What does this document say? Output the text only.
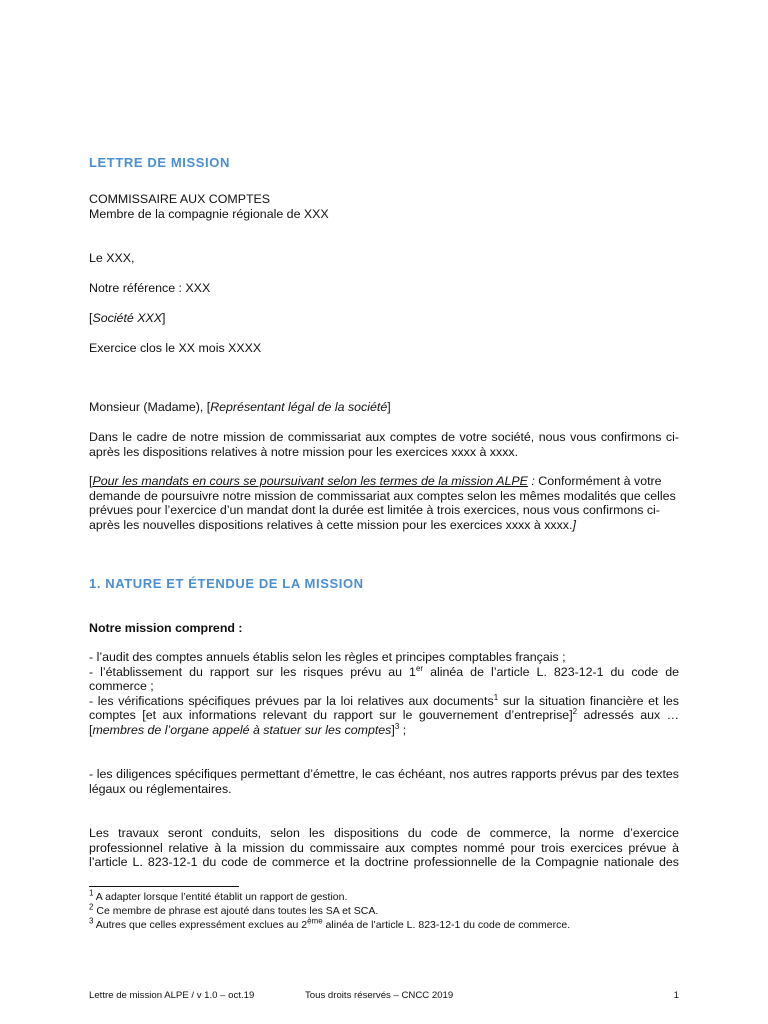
LETTRE DE MISSION
COMMISSAIRE AUX COMPTES
Membre de la compagnie régionale de XXX
Le XXX,
Notre référence : XXX
[Société XXX]
Exercice clos le XX mois XXXX
Monsieur (Madame), [Représentant légal de la société]
Dans le cadre de notre mission de commissariat aux comptes de votre société, nous vous confirmons ci-après les dispositions relatives à notre mission pour les exercices xxxx à xxxx.
[Pour les mandats en cours se poursuivant selon les termes de la mission ALPE : Conformément à votre demande de poursuivre notre mission de commissariat aux comptes selon les mêmes modalités que celles prévues pour l’exercice d’un mandat dont la durée est limitée à trois exercices, nous vous confirmons ci-après les nouvelles dispositions relatives à cette mission pour les exercices xxxx à xxxx.]
1. NATURE ET ÉTENDUE DE LA MISSION
Notre mission comprend :
- l’audit des comptes annuels établis selon les règles et principes comptables français ;
- l’établissement du rapport sur les risques prévu au 1er alinéa de l’article L. 823-12-1 du code de commerce ;
- les vérifications spécifiques prévues par la loi relatives aux documents$^1$ sur la situation financière et les comptes [et aux informations relevant du rapport sur le gouvernement d’entreprise]$^2$ adressés aux … [membres de l’organe appelé à statuer sur les comptes]$^3$ ;
- les diligences spécifiques permettant d’émettre, le cas échéant, nos autres rapports prévus par des textes légaux ou réglementaires.
Les travaux seront conduits, selon les dispositions du code de commerce, la norme d’exercice professionnel relative à la mission du commissaire aux comptes nommé pour trois exercices prévue à l’article L. 823-12-1 du code de commerce et la doctrine professionnelle de la Compagnie nationale des
$^1$ A adapter lorsque l’entité établit un rapport de gestion.
$^2$ Ce membre de phrase est ajouté dans toutes les SA et SCA.
$^3$ Autres que celles expressément exclues au 2ème alinéa de l’article L. 823-12-1 du code de commerce.
Lettre de mission ALPE / v 1.0 – oct.19	Tous droits réservés – CNCC 2019	1
